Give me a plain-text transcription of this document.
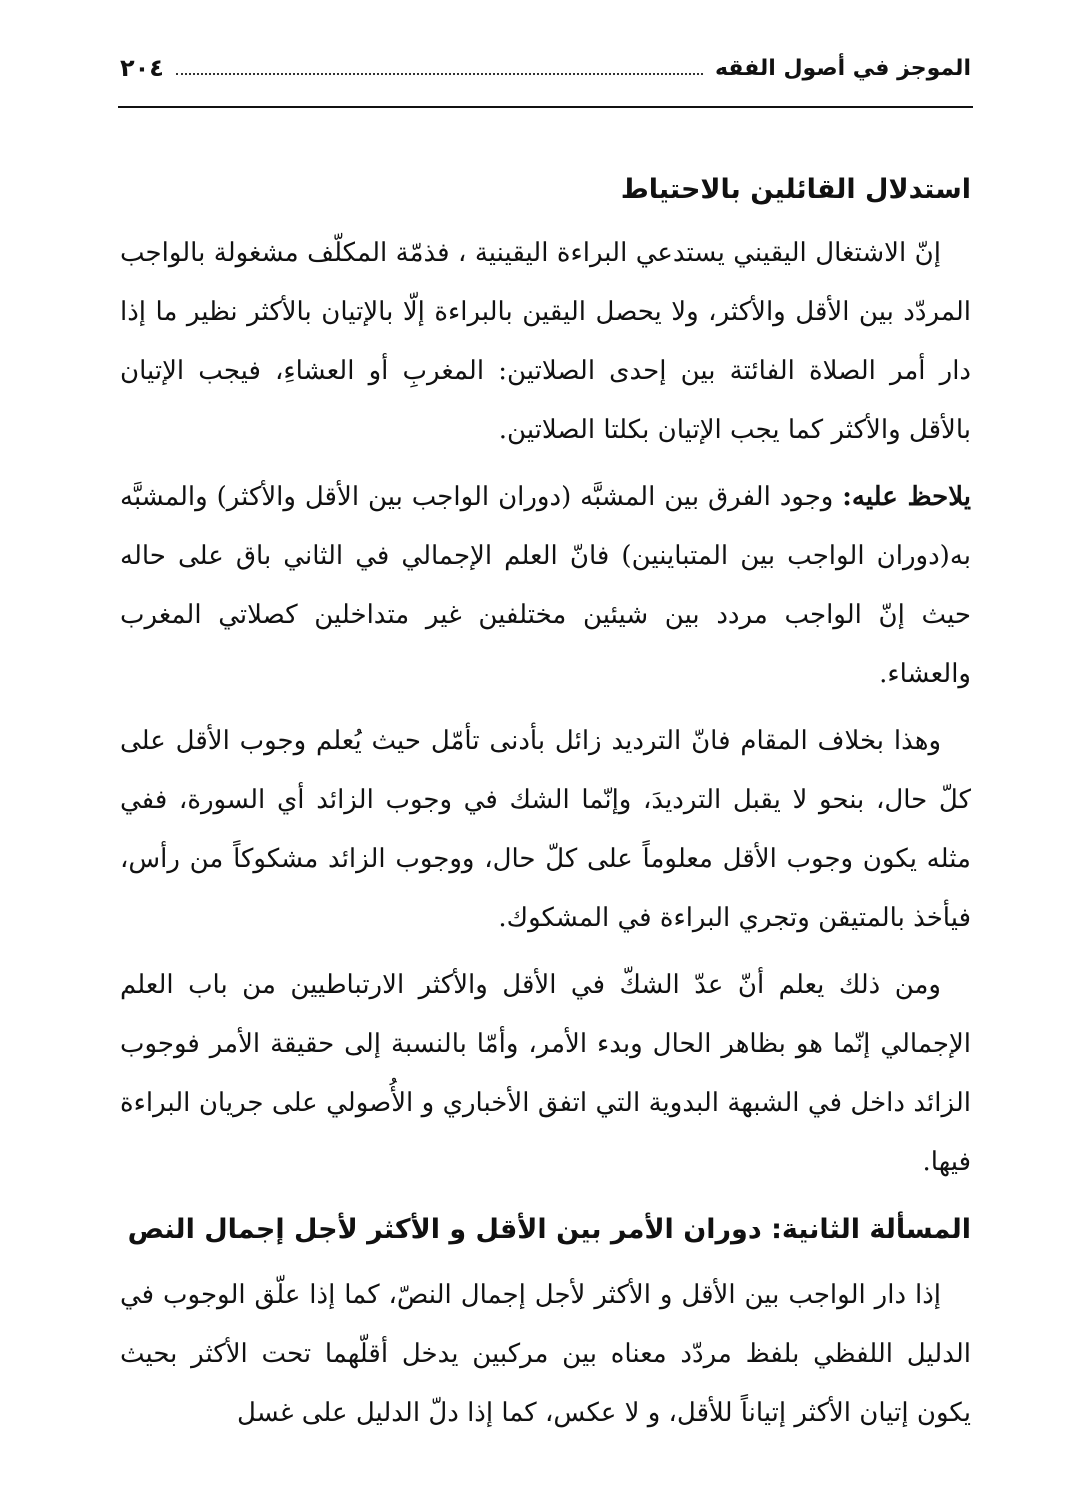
الموجز في أصول الفقه
٢٠٤
استدلال القائلين بالاحتياط

إنّ الاشتغال اليقيني يستدعي البراءة اليقينية ، فذمّة المكلّف مشغولة بالواجب المردّد بين الأقل والأكثر، ولا يحصل اليقين بالبراءة إلّا بالإتيان بالأكثر نظير ما إذا دار أمر الصلاة الفائتة بين إحدى الصلاتين: المغربِ أو العشاءِ، فيجب الإتيان بالأقل والأكثر كما يجب الإتيان بكلتا الصلاتين.

يلاحظ عليه: وجود الفرق بين المشبَّه (دوران الواجب بين الأقل والأكثر) والمشبَّه به(دوران الواجب بين المتباينين) فانّ العلم الإجمالي في الثاني باق على حاله حيث إنّ الواجب مردد بين شيئين مختلفين غير متداخلين كصلاتي المغرب والعشاء.

وهذا بخلاف المقام فانّ الترديد زائل بأدنى تأمّل حيث يُعلم وجوب الأقل على كلّ حال، بنحو لا يقبل الترديدَ، وإنّما الشك في وجوب الزائد أي السورة، ففي مثله يكون وجوب الأقل معلوماً على كلّ حال، ووجوب الزائد مشكوكاً من رأس، فيأخذ بالمتيقن وتجري البراءة في المشكوك.

ومن ذلك يعلم أنّ عدّ الشكّ في الأقل والأكثر الارتباطيين من باب العلم الإجمالي إنّما هو بظاهر الحال وبدء الأمر، وأمّا بالنسبة إلى حقيقة الأمر فوجوب الزائد داخل في الشبهة البدوية التي اتفق الأخباري و الأُصولي على جريان البراءة فيها.

المسألة الثانية: دوران الأمر بين الأقل و الأكثر لأجل إجمال النص

إذا دار الواجب بين الأقل و الأكثر لأجل إجمال النصّ، كما إذا علّق الوجوب في الدليل اللفظي بلفظ مردّد معناه بين مركبين يدخل أقلّهما تحت الأكثر بحيث يكون إتيان الأكثر إتياناً للأقل، و لا عكس، كما إذا دلّ الدليل على غسل
